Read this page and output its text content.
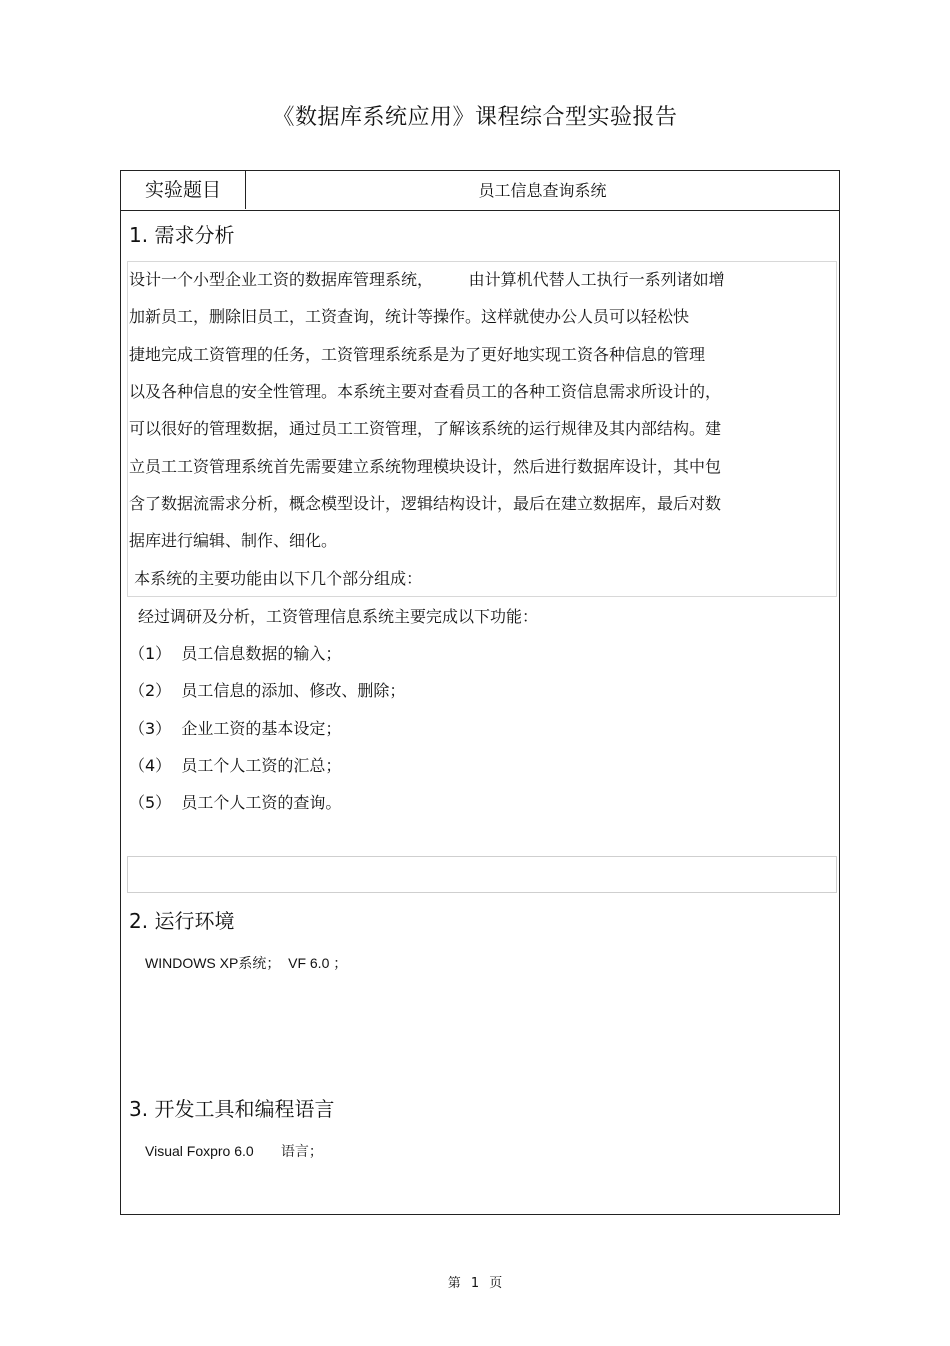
《数据库系统应用》课程综合型实验报告
实验题目	员工信息查询系统
1. 需求分析
设计一个小型企业工资的数据库管理系统，       由计算机代替人工执行一系列诸如增
加新员工，删除旧员工，工资查询，统计等操作。这样就使办公人员可以轻松快
捷地完成工资管理的任务，工资管理系统系是为了更好地实现工资各种信息的管理
以及各种信息的安全性管理。本系统主要对查看员工的各种工资信息需求所设计的，
可以很好的管理数据，通过员工工资管理，了解该系统的运行规律及其内部结构。建
立员工工资管理系统首先需要建立系统物理模块设计，然后进行数据库设计，其中包
含了数据流需求分析，概念模型设计，逻辑结构设计，最后在建立数据库，最后对数
据库进行编辑、制作、细化。
本系统的主要功能由以下几个部分组成：
经过调研及分析，工资管理信息系统主要完成以下功能：
（1）  员工信息数据的输入；
（2）  员工信息的添加、修改、删除；
（3）  企业工资的基本设定；
（4）  员工个人工资的汇总；
（5）  员工个人工资的查询。
2. 运行环境
WINDOWS XP系统；  VF 6.0 ；
3. 开发工具和编程语言
Visual Foxpro 6.0       语言；
第 1 页
